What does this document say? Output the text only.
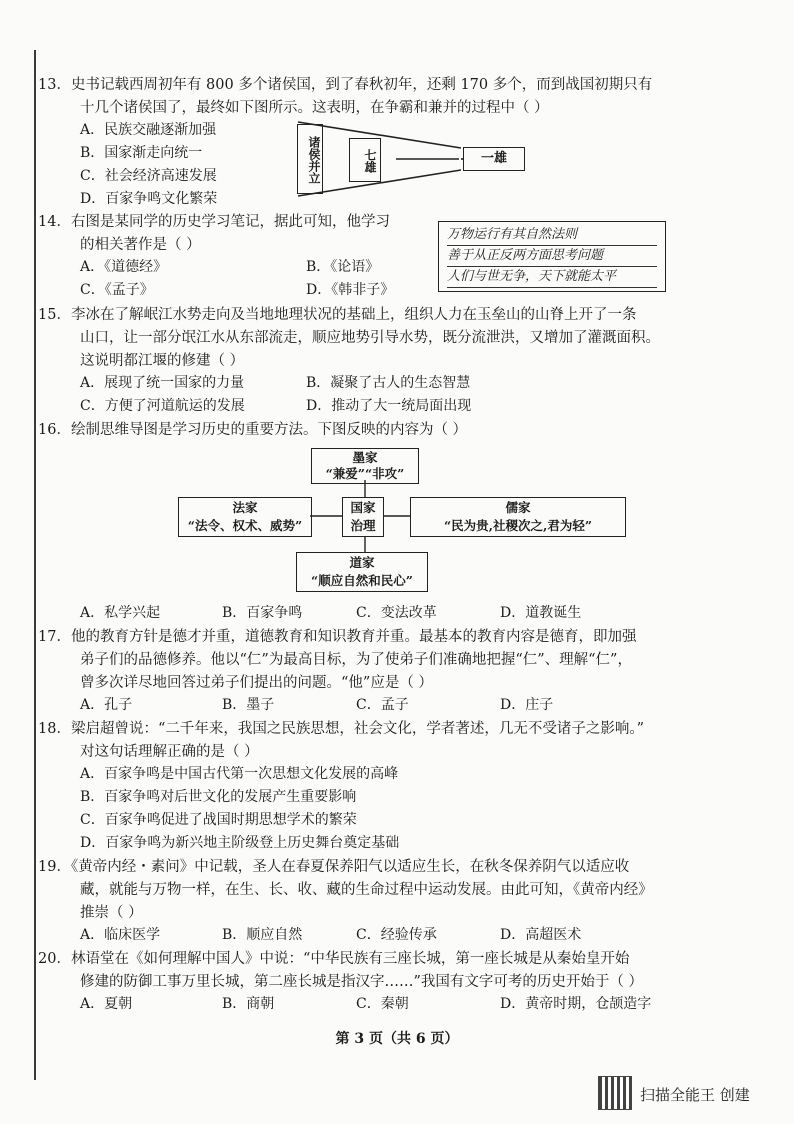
13．史书记载西周初年有 800 多个诸侯国，到了春秋初年，还剩 170 多个，而到战国初期只有
十几个诸侯国了，最终如下图所示。这表明，在争霸和兼并的过程中（ ）
A．民族交融逐渐加强
B．国家渐走向统一
C．社会经济高速发展
D．百家争鸣文化繁荣
诸侯并立	七雄	一雄
14．右图是某同学的历史学习笔记，据此可知，他学习
的相关著作是（ ）
A．《道德经》	B．《论语》
C．《孟子》	D．《韩非子》
万物运行有其自然法则
善于从正反两方面思考问题
人们与世无争，天下就能太平
15．李冰在了解岷江水势走向及当地地理状况的基础上，组织人力在玉垒山的山脊上开了一条
山口，让一部分氓江水从东部流走，顺应地势引导水势，既分流泄洪，又增加了灌溉面积。
这说明都江堰的修建（ ）
A．展现了统一国家的力量	B．凝聚了古人的生态智慧
C．方便了河道航运的发展	D．推动了大一统局面出现
16．绘制思维导图是学习历史的重要方法。下图反映的内容为（ ）
墨家
“兼爱”“非攻”
法家
“法令、权术、威势”
国家
治理
儒家
“民为贵,社稷次之,君为轻”
道家
“顺应自然和民心”
A．私学兴起	B．百家争鸣	C．变法改革	D．道教诞生
17．他的教育方针是德才并重，道德教育和知识教育并重。最基本的教育内容是德育，即加强
弟子们的品德修养。他以“仁”为最高目标，为了使弟子们准确地把握“仁”、理解“仁”，
曾多次详尽地回答过弟子们提出的问题。“他”应是（ ）
A．孔子	B．墨子	C．孟子	D．庄子
18．梁启超曾说：“二千年来，我国之民族思想，社会文化，学者著述，几无不受诸子之影响。”
对这句话理解正确的是（ ）
A．百家争鸣是中国古代第一次思想文化发展的高峰
B．百家争鸣对后世文化的发展产生重要影响
C．百家争鸣促进了战国时期思想学术的繁荣
D．百家争鸣为新兴地主阶级登上历史舞台奠定基础
19．《黄帝内经・素问》中记载，圣人在春夏保养阳气以适应生长，在秋冬保养阴气以适应收
藏，就能与万物一样，在生、长、收、藏的生命过程中运动发展。由此可知，《黄帝内经》
推崇（ ）
A．临床医学	B．顺应自然	C．经验传承	D．高超医术
20．林语堂在《如何理解中国人》中说：“中华民族有三座长城，第一座长城是从秦始皇开始
修建的防御工事万里长城，第二座长城是指汉字……”我国有文字可考的历史开始于（ ）
A．夏朝	B．商朝	C．秦朝	D．黄帝时期，仓颉造字
第 3 页（共 6 页）
扫描全能王 创建
